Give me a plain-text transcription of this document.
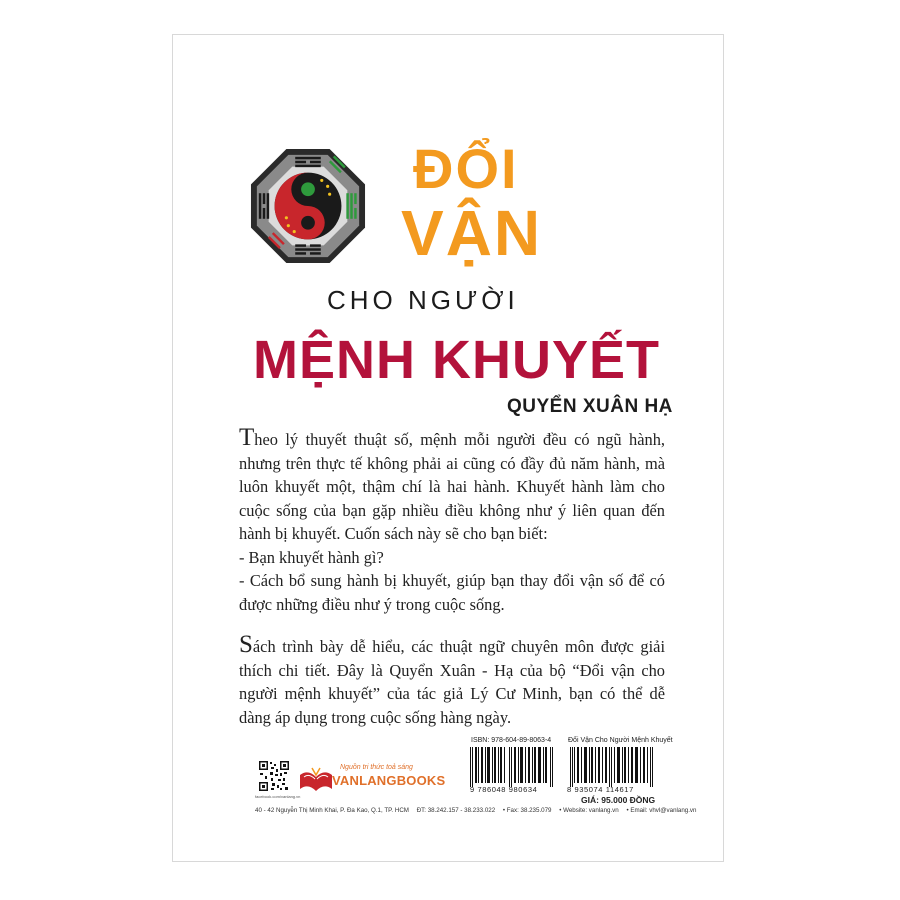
ĐỔI
VẬN
CHO NGƯỜI
MỆNH KHUYẾT
QUYỂN XUÂN HẠ

Theo lý thuyết thuật số, mệnh mỗi người đều có ngũ hành, nhưng trên thực tế không phải ai cũng có đầy đủ năm hành, mà luôn khuyết một, thậm chí là hai hành. Khuyết hành làm cho cuộc sống của bạn gặp nhiều điều không như ý liên quan đến hành bị khuyết. Cuốn sách này sẽ cho bạn biết:

- Bạn khuyết hành gì?

- Cách bổ sung hành bị khuyết, giúp bạn thay đổi vận số để có được những điều như ý trong cuộc sống.

Sách trình bày dễ hiểu, các thuật ngữ chuyên môn được giải thích chi tiết. Đây là Quyển Xuân - Hạ của bộ “Đổi vận cho người mệnh khuyết” của tác giả Lý Cư Minh, bạn có thể dễ dàng áp dụng trong cuộc sống hàng ngày.

facebook.com/vanlang.vn
Nguồn tri thức toả sáng
VANLANGBOOKS
ISBN: 978-604-89-8063-4
9 786048 980634
Đổi Vận Cho Người Mệnh Khuyết
8 935074 114617
GIÁ: 95.000 ĐỒNG
40 - 42 Nguyễn Thị Minh Khai, P. Đa Kao, Q.1, TP. HCM ĐT: 38.242.157 - 38.233.022 • Fax: 38.235.079 • Website: vanlang.vn • Email: vhvl@vanlang.vn
